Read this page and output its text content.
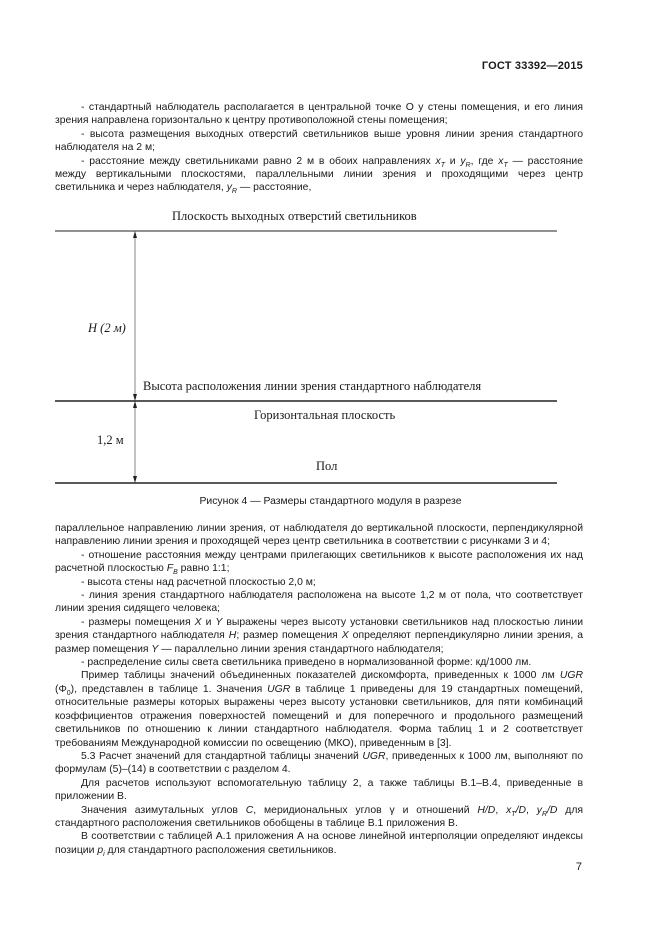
ГОСТ 33392—2015

- стандартный наблюдатель располагается в центральной точке О у стены помещения, и его линия зрения направлена горизонтально к центру противоположной стены помещения;

- высота размещения выходных отверстий светильников выше уровня линии зрения стандартного наблюдателя на 2 м;

- расстояние между светильниками равно 2 м в обоих направлениях $x_T$ и $y_R$, где $x_T$ — расстояние между вертикальными плоскостями, параллельными линии зрения и проходящими через центр светильника и через наблюдателя, $y_R$ — расстояние,

Плоскость выходных отверстий светильников
H (2 м)
Высота расположения линии зрения стандартного наблюдателя
Горизонтальная плоскость
1,2 м
Пол
Рисунок 4 — Размеры стандартного модуля в разрезе

параллельное направлению линии зрения, от наблюдателя до вертикальной плоскости, перпендикулярной направлению линии зрения и проходящей через центр светильника в соответствии с рисунками 3 и 4;

- отношение расстояния между центрами прилегающих светильников к высоте расположения их над расчетной плоскостью $F_B$ равно 1:1;

- высота стены над расчетной плоскостью 2,0 м;

- линия зрения стандартного наблюдателя расположена на высоте 1,2 м от пола, что соответствует линии зрения сидящего человека;

- размеры помещения X и Y выражены через высоту установки светильников над плоскостью линии зрения стандартного наблюдателя H; размер помещения X определяют перпендикулярно линии зрения, а размер помещения Y — параллельно линии зрения стандартного наблюдателя;

- распределение силы света светильника приведено в нормализованной форме: кд/1000 лм.

Пример таблицы значений объединенных показателей дискомфорта, приведенных к 1000 лм UGR $(\Phi_0)$, представлен в таблице 1. Значения UGR в таблице 1 приведены для 19 стандартных помещений, относительные размеры которых выражены через высоту установки светильников, для пяти комбинаций коэффициентов отражения поверхностей помещений и для поперечного и продольного размещений светильников по отношению к линии стандартного наблюдателя. Форма таблиц 1 и 2 соответствует требованиям Международной комиссии по освещению (МКО), приведенным в [3].

5.3 Расчет значений для стандартной таблицы значений UGR, приведенных к 1000 лм, выполняют по формулам (5)–(14) в соответствии с разделом 4.

Для расчетов используют вспомогательную таблицу 2, а также таблицы В.1–В.4, приведенные в приложении В.

Значения азимутальных углов C, меридиональных углов γ и отношений H/D, $x_T/D$, $y_R/D$ для стандартного расположения светильников обобщены в таблице В.1 приложения В.

В соответствии с таблицей А.1 приложения А на основе линейной интерполяции определяют индексы позиции $p_i$ для стандартного расположения светильников.

7
